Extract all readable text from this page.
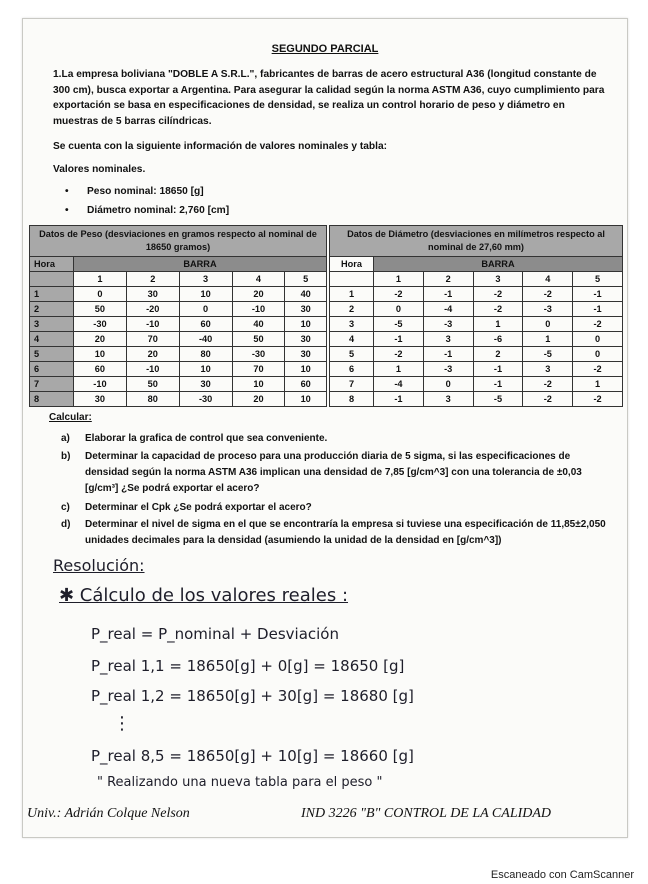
SEGUNDO PARCIAL
1.La empresa boliviana "DOBLE A S.R.L.", fabricantes de barras de acero estructural A36 (longitud constante de 300 cm), busca exportar a Argentina. Para asegurar la calidad según la norma ASTM A36, cuyo cumplimiento para exportación se basa en especificaciones de densidad, se realiza un control horario de peso y diámetro en muestras de 5 barras cilíndricas.
Se cuenta con la siguiente información de valores nominales y tabla:
Valores nominales.
• Peso nominal: 18650 [g]
• Diámetro nominal: 2,760 [cm]
Datos de Peso (desviaciones en gramos respecto al nominal de 18650 gramos)					
Hora	BARRA				
	1	2	3	4	5
1	0	30	10	20	40
2	50	-20	0	-10	30
3	-30	-10	60	40	10
4	20	70	-40	50	30
5	10	20	80	-30	30
6	60	-10	10	70	10
7	-10	50	30	10	60
8	30	80	-30	20	10
Datos de Diámetro (desviaciones en milímetros respecto al nominal de 27,60 mm)					
Hora	BARRA				
	1	2	3	4	5
1	-2	-1	-2	-2	-1
2	0	-4	-2	-3	-1
3	-5	-3	1	0	-2
4	-1	3	-6	1	0
5	-2	-1	2	-5	0
6	1	-3	-1	3	-2
7	-4	0	-1	-2	1
8	-1	3	-5	-2	-2
Calcular:
a) Elaborar la grafica de control que sea conveniente.
b) Determinar la capacidad de proceso para una producción diaria de 5 sigma, si las especificaciones de densidad según la norma ASTM A36 implican una densidad de 7,85 [g/cm^3] con una tolerancia de ±0,03 [g/cm³] ¿Se podrá exportar el acero?
c) Determinar el Cpk ¿Se podrá exportar el acero?
d) Determinar el nivel de sigma en el que se encontraría la empresa si tuviese una especificación de 11,85±2,050 unidades decimales para la densidad (asumiendo la unidad de la densidad en [g/cm^3])
Resolución:
✱ Cálculo de los valores reales :
P_real = P_nominal + Desviación
P_real 1,1 = 18650[g] + 0[g] = 18650 [g]
P_real 1,2 = 18650[g] + 30[g] = 18680 [g]
⋮
P_real 8,5 = 18650[g] + 10[g] = 18660 [g]
" Realizando una nueva tabla para el peso "
Univ.: Adrián Colque Nelson	IND 3226 "B" CONTROL DE LA CALIDAD
Escaneado con CamScanner
